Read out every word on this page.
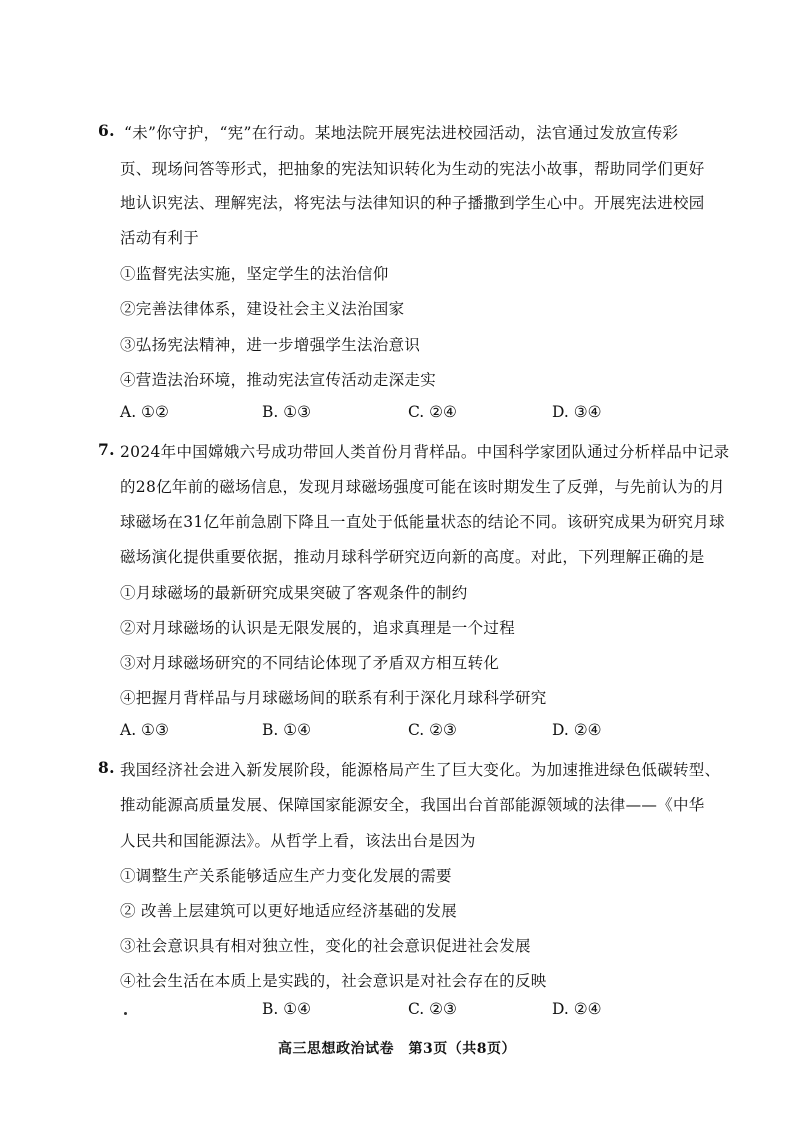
6. “未”你守护，“宪”在行动。某地法院开展宪法进校园活动，法官通过发放宣传彩
页、现场问答等形式，把抽象的宪法知识转化为生动的宪法小故事，帮助同学们更好
地认识宪法、理解宪法，将宪法与法律知识的种子播撒到学生心中。开展宪法进校园
活动有利于
①监督宪法实施，坚定学生的法治信仰
②完善法律体系，建设社会主义法治国家
③弘扬宪法精神，进一步增强学生法治意识
④营造法治环境，推动宪法宣传活动走深走实
A. ①②	B. ①③	C. ②④	D. ③④
7. 2024年中国嫦娥六号成功带回人类首份月背样品。中国科学家团队通过分析样品中记录
的28亿年前的磁场信息，发现月球磁场强度可能在该时期发生了反弹，与先前认为的月
球磁场在31亿年前急剧下降且一直处于低能量状态的结论不同。该研究成果为研究月球
磁场演化提供重要依据，推动月球科学研究迈向新的高度。对此，下列理解正确的是
①月球磁场的最新研究成果突破了客观条件的制约
②对月球磁场的认识是无限发展的，追求真理是一个过程
③对月球磁场研究的不同结论体现了矛盾双方相互转化
④把握月背样品与月球磁场间的联系有利于深化月球科学研究
A. ①③	B. ①④	C. ②③	D. ②④
8. 我国经济社会进入新发展阶段，能源格局产生了巨大变化。为加速推进绿色低碳转型、
推动能源高质量发展、保障国家能源安全，我国出台首部能源领域的法律——《中华
人民共和国能源法》。从哲学上看，该法出台是因为
①调整生产关系能够适应生产力变化发展的需要
② 改善上层建筑可以更好地适应经济基础的发展
③社会意识具有相对独立性，变化的社会意识促进社会发展
④社会生活在本质上是实践的，社会意识是对社会存在的反映
B. ①④	C. ②③	D. ②④
高三思想政治试卷　第3页（共8页）
